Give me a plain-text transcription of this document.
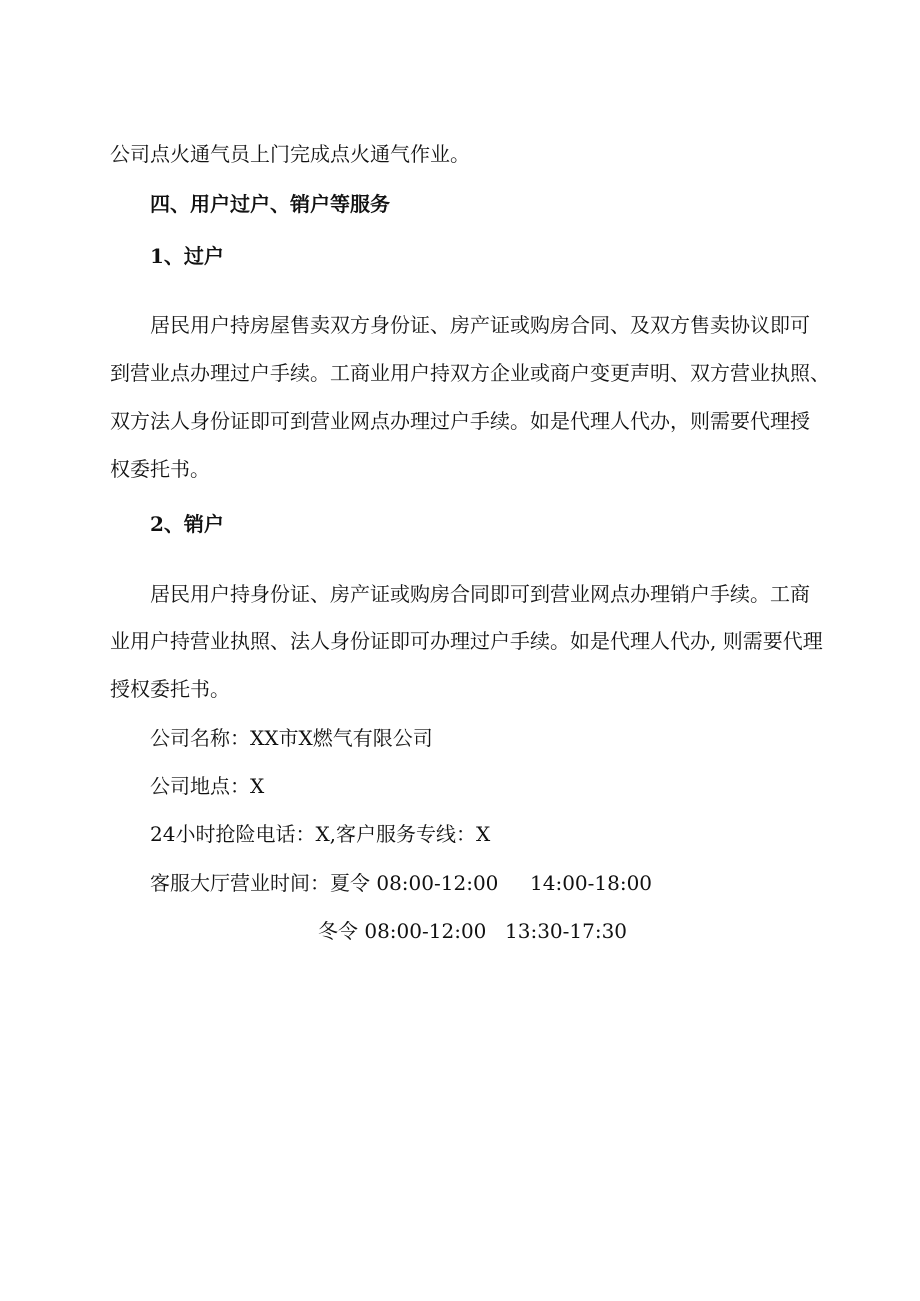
公司点火通气员上门完成点火通气作业。
四、用户过户、销户等服务
1、过户
居民用户持房屋售卖双方身份证、房产证或购房合同、及双方售卖协议即可
到营业点办理过户手续。工商业用户持双方企业或商户变更声明、双方营业执照、
双方法人身份证即可到营业网点办理过户手续。如是代理人代办，则需要代理授
权委托书。
2、销户
居民用户持身份证、房产证或购房合同即可到营业网点办理销户手续。工商
业用户持营业执照、法人身份证即可办理过户手续。如是代理人代办, 则需要代理
授权委托书。
公司名称：XX市X燃气有限公司
公司地点：X
24小时抢险电话：X,客户服务专线：X
客服大厅营业时间：夏令 08:00-12:00 14:00-18:00
冬令 08:00-12:00 13:30-17:30
